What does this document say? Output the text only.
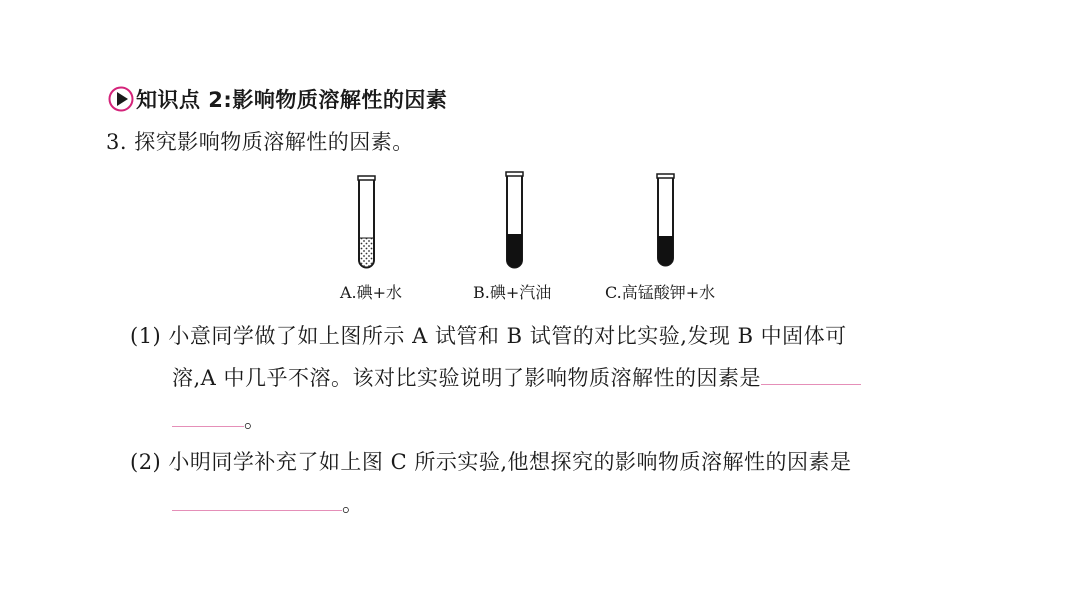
知识点 2:影响物质溶解性的因素
3. 探究影响物质溶解性的因素。
A.碘+水	B.碘+汽油	C.高锰酸钾+水
(1) 小意同学做了如上图所示 A 试管和 B 试管的对比实验,发现 B 中固体可
溶,A 中几乎不溶。该对比实验说明了影响物质溶解性的因素是
。
(2) 小明同学补充了如上图 C 所示实验,他想探究的影响物质溶解性的因素是
。
